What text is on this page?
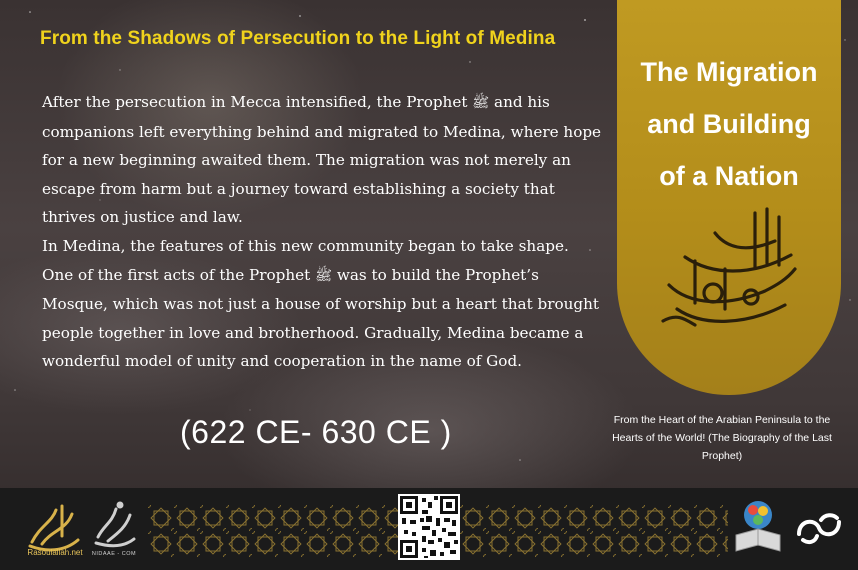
From the Shadows of Persecution to the Light of Medina

After the persecution in Mecca intensified, the Prophet ﷺ and his companions left everything behind and migrated to Medina, where hope for a new beginning awaited them. The migration was not merely an escape from harm but a journey toward establishing a society that thrives on justice and law.

In Medina, the features of this new community began to take shape. One of the first acts of the Prophet ﷺ was to build the Prophet’s Mosque, which was not just a house of worship but a heart that brought people together in love and brotherhood. Gradually, Medina became a wonderful model of unity and cooperation in the name of God.

(622 CE- 630 CE )
The Migration
and Building
of a Nation
From the Heart of the Arabian Peninsula to the Hearts of the World! (The Biography of the Last Prophet)
Rasoulallah.net	NIDAAE - COM
